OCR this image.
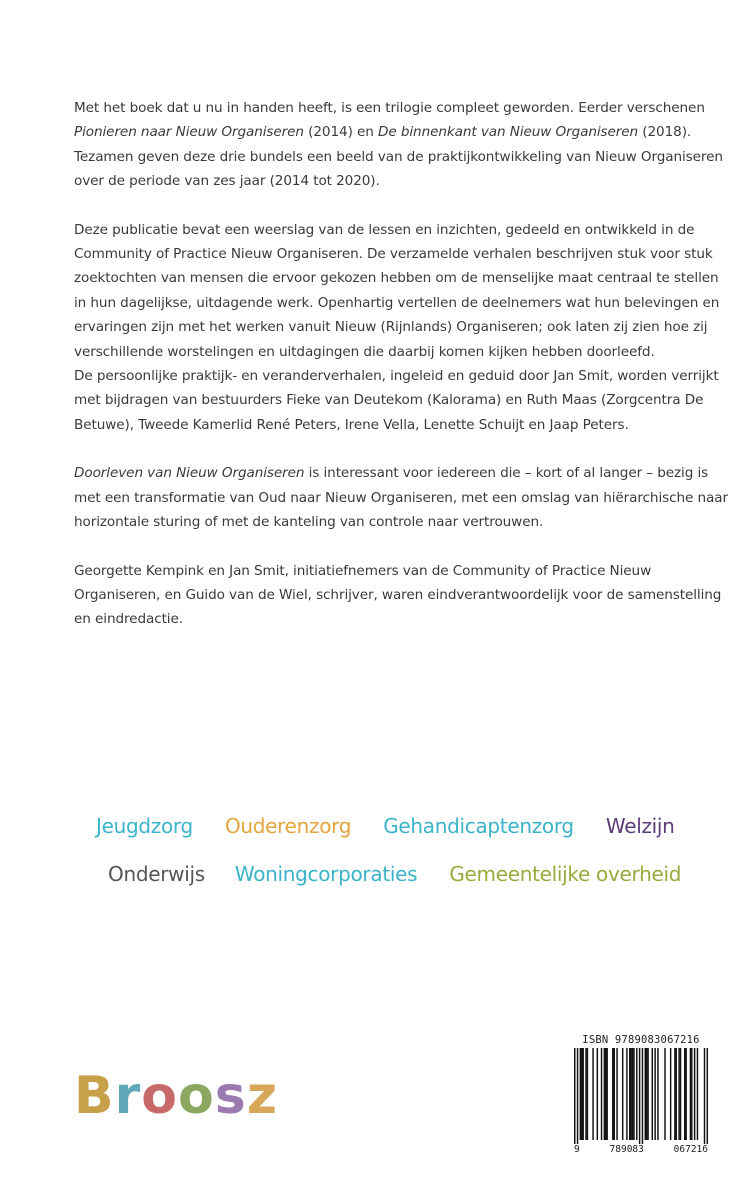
Met het boek dat u nu in handen heeft, is een trilogie compleet geworden. Eerder verschenen
Pionieren naar Nieuw Organiseren (2014) en De binnenkant van Nieuw Organiseren (2018).
Tezamen geven deze drie bundels een beeld van de praktijkontwikkeling van Nieuw Organiseren
over de periode van zes jaar (2014 tot 2020).

Deze publicatie bevat een weerslag van de lessen en inzichten, gedeeld en ontwikkeld in de
Community of Practice Nieuw Organiseren. De verzamelde verhalen beschrijven stuk voor stuk
zoektochten van mensen die ervoor gekozen hebben om de menselijke maat centraal te stellen
in hun dagelijkse, uitdagende werk. Openhartig vertellen de deelnemers wat hun belevingen en
ervaringen zijn met het werken vanuit Nieuw (Rijnlands) Organiseren; ook laten zij zien hoe zij
verschillende worstelingen en uitdagingen die daarbij komen kijken hebben doorleefd.

De persoonlijke praktijk- en veranderverhalen, ingeleid en geduid door Jan Smit, worden verrijkt
met bijdragen van bestuurders Fieke van Deutekom (Kalorama) en Ruth Maas (Zorgcentra De
Betuwe), Tweede Kamerlid René Peters, Irene Vella, Lenette Schuijt en Jaap Peters.

Doorleven van Nieuw Organiseren is interessant voor iedereen die – kort of al langer – bezig is
met een transformatie van Oud naar Nieuw Organiseren, met een omslag van hiërarchische naar
horizontale sturing of met de kanteling van controle naar vertrouwen.

Georgette Kempink en Jan Smit, initiatiefnemers van de Community of Practice Nieuw
Organiseren, en Guido van de Wiel, schrijver, waren eindverantwoordelijk voor de samenstelling
en eindredactie.

Jeugdzorg Ouderenzorg Gehandicaptenzorg Welzijn
Onderwijs Woningcorporaties Gemeentelijke overheid
Broosz
ISBN 9789083067216
9	789083	067216
